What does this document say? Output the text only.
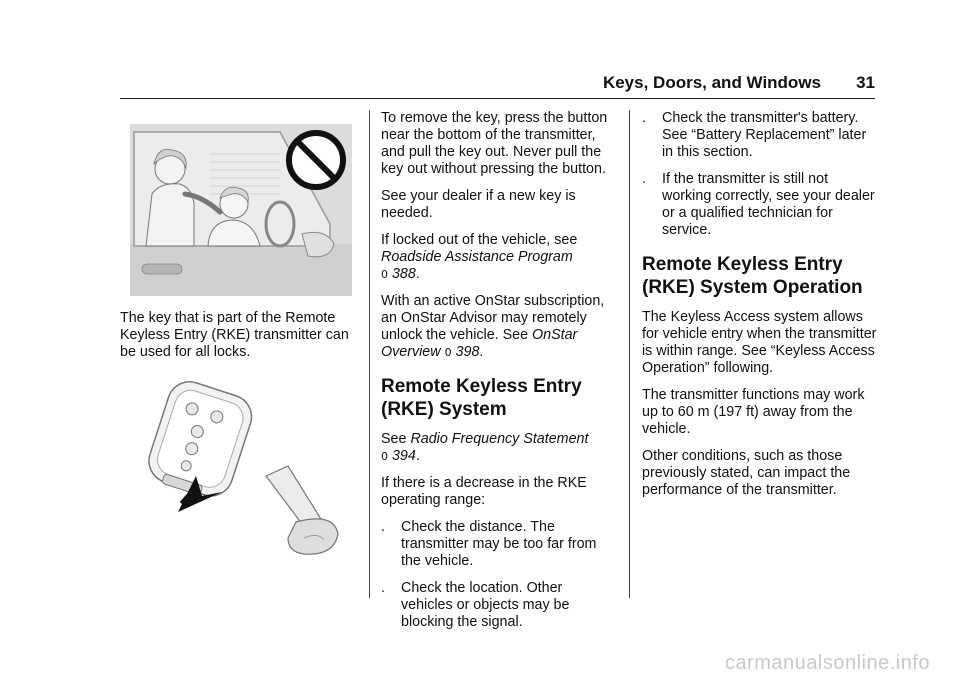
Keys, Doors, and Windows 31

The key that is part of the Remote Keyless Entry (RKE) transmitter can be used for all locks.

To remove the key, press the button near the bottom of the transmitter, and pull the key out. Never pull the key out without pressing the button.

See your dealer if a new key is needed.

If locked out of the vehicle, see
Roadside Assistance Program
0 388.

With an active OnStar subscription, an OnStar Advisor may remotely unlock the vehicle. See OnStar
Overview 0 398.

Remote Keyless Entry
(RKE) System

See Radio Frequency Statement
0 394.

If there is a decrease in the RKE operating range:

.	Check the distance. The transmitter may be too far from the vehicle.
.	Check the location. Other vehicles or objects may be blocking the signal.
.	Check the transmitter's battery. See “Battery Replacement” later in this section.
.	If the transmitter is still not working correctly, see your dealer or a qualified technician for service.
Remote Keyless Entry
(RKE) System Operation

The Keyless Access system allows for vehicle entry when the transmitter is within range. See “Keyless Access Operation” following.

The transmitter functions may work up to 60 m (197 ft) away from the vehicle.

Other conditions, such as those previously stated, can impact the performance of the transmitter.

carmanualsonline.info
